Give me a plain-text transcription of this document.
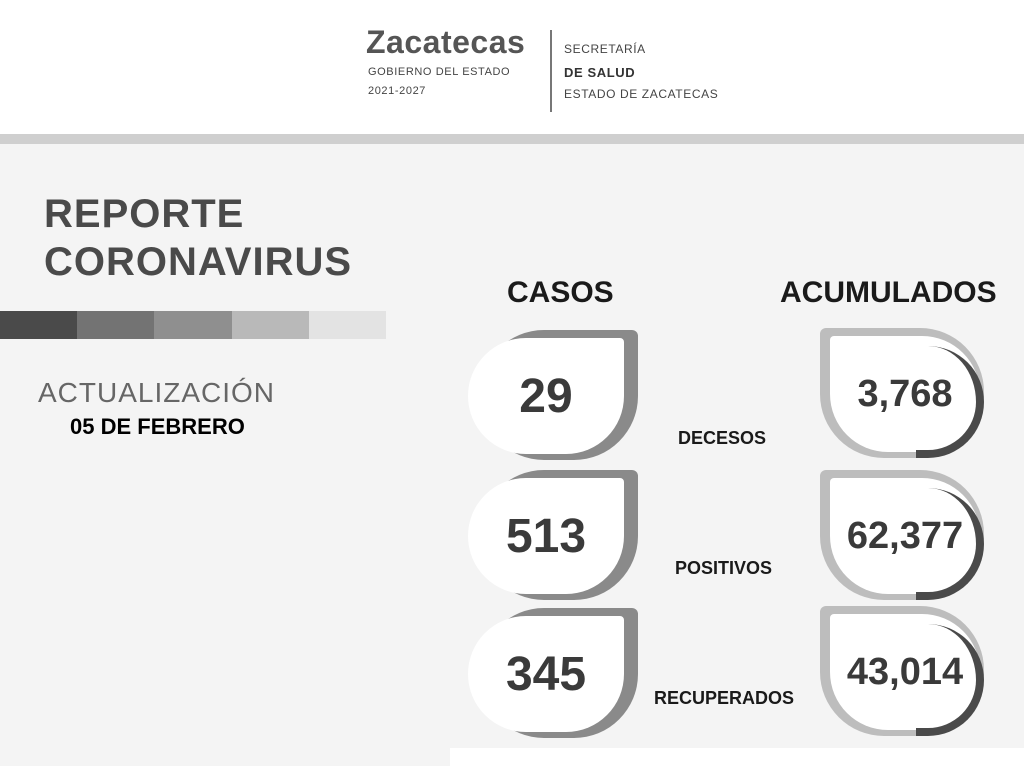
Zacatecas
GOBIERNO DEL ESTADO
2021-2027
SECRETARÍA
DE SALUD
ESTADO DE ZACATECAS
REPORTE
CORONAVIRUS
ACTUALIZACIÓN
05 DE FEBRERO
CASOS	ACUMULADOS
29
DECESOS
3,768
513
POSITIVOS
62,377
345	RECUPERADOS
43,014
